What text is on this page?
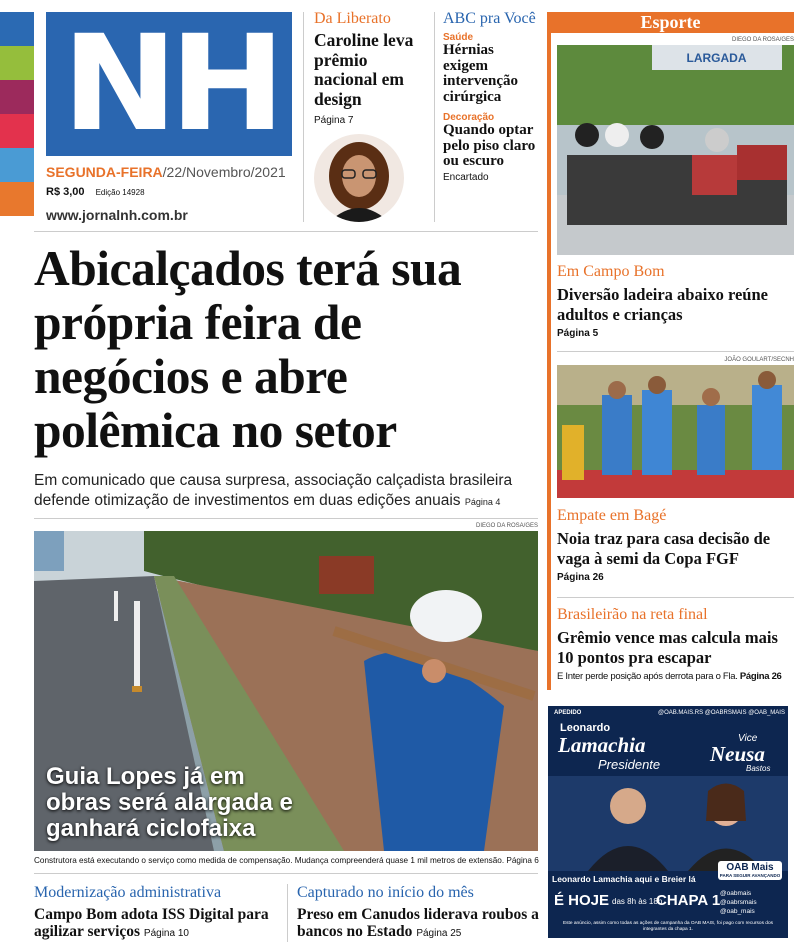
NH
SEGUNDA-FEIRA/22/Novembro/2021
R$ 3,00 Edição 14928
www.jornalnh.com.br
Da Liberato
Caroline leva prêmio nacional em design
Página 7
ABC pra Você
Saúde
Hérnias exigem intervenção cirúrgica
Decoração
Quando optar pelo piso claro ou escuro
Encartado
Abicalçados terá sua própria feira de negócios e abre polêmica no setor
Em comunicado que causa surpresa, associação calçadista brasileira defende otimização de investimentos em duas edições anuais Página 4
DIEGO DA ROSA/GES
Guia Lopes já em obras será alargada e ganhará ciclofaixa
Construtora está executando o serviço como medida de compensação. Mudança compreenderá quase 1 mil metros de extensão. Página 6
Modernização administrativa
Campo Bom adota ISS Digital para agilizar serviços Página 10
Capturado no início do mês
Preso em Canudos liderava roubos a bancos no Estado Página 25
Esporte
DIEGO DA ROSA/GES
LARGADA
Em Campo Bom
Diversão ladeira abaixo reúne adultos e crianças
Página 5
JOÃO GOULART/SECNH
Empate em Bagé
Noia traz para casa decisão de vaga à semi da Copa FGF
Página 26
Brasileirão na reta final
Grêmio vence mas calcula mais 10 pontos pra escapar
E Inter perde posição após derrota para o Fla. Página 26
APEDIDO	@OAB.MAIS.RS @OABRSMAIS @OAB_MAIS
Leonardo
Lamachia
Presidente
Vice
Neusa
Bastos
OAB Mais
PARA SEGUIR AVANÇANDO
Leonardo Lamachia aqui e Breier lá
É HOJE das 8h às 18h
CHAPA 1 @oabmais
@oabrsmais
@oab_mais
Este anúncio, assim como todas as ações de campanha da OAB MAIS, foi pago com recursos dos integrantes da chapa 1.
